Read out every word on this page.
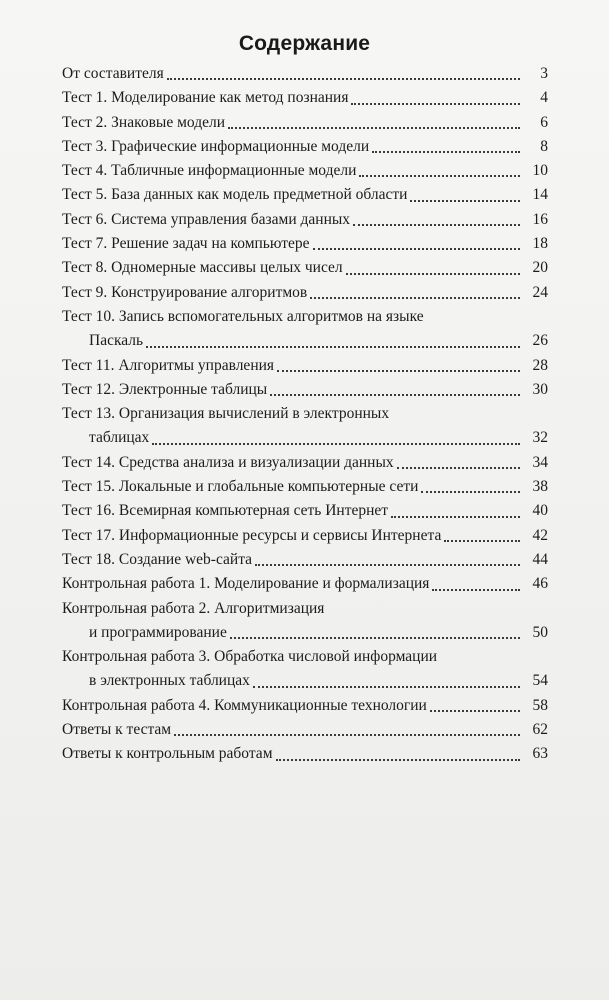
Содержание
От составителя	3
Тест 1. Моделирование как метод познания	4
Тест 2. Знаковые модели	6
Тест 3. Графические информационные модели	8
Тест 4. Табличные информационные модели	10
Тест 5. База данных как модель предметной области	14
Тест 6. Система управления базами данных	16
Тест 7. Решение задач на компьютере	18
Тест 8. Одномерные массивы целых чисел	20
Тест 9. Конструирование алгоритмов	24
Тест 10. Запись вспомогательных алгоритмов на языке
Паскаль	26
Тест 11. Алгоритмы управления	28
Тест 12. Электронные таблицы	30
Тест 13. Организация вычислений в электронных
таблицах	32
Тест 14. Средства анализа и визуализации данных	34
Тест 15. Локальные и глобальные компьютерные сети	38
Тест 16. Всемирная компьютерная сеть Интернет	40
Тест 17. Информационные ресурсы и сервисы Интернета	42
Тест 18. Создание web-сайта	44
Контрольная работа 1. Моделирование и формализация	46
Контрольная работа 2. Алгоритмизация
и программирование	50
Контрольная работа 3. Обработка числовой информации
в электронных таблицах	54
Контрольная работа 4. Коммуникационные технологии	58
Ответы к тестам	62
Ответы к контрольным работам	63
